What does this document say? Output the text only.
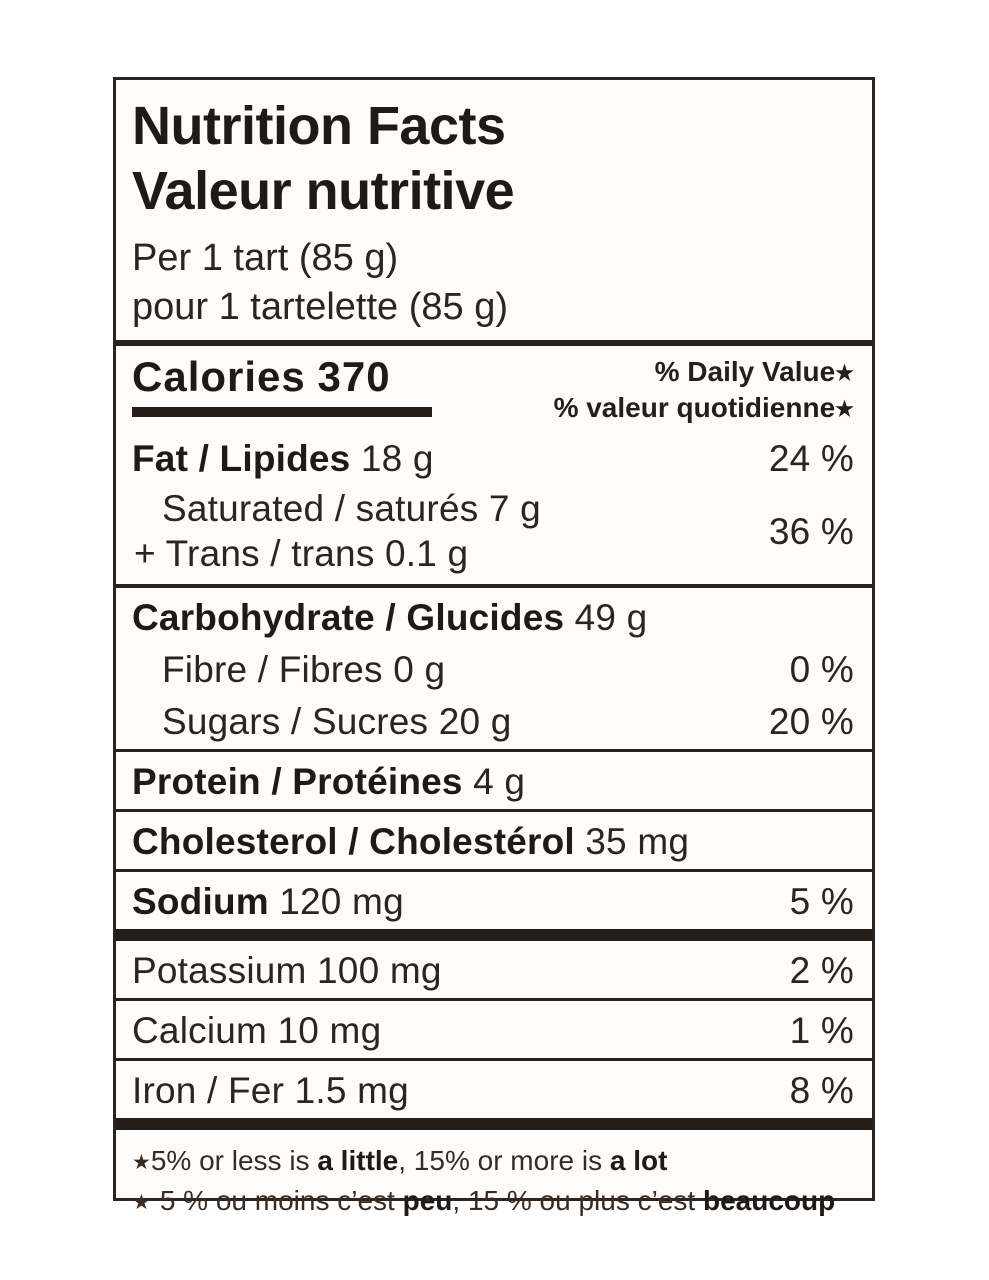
Nutrition Facts
Valeur nutritive
Per 1 tart (85 g)
pour 1 tartelette (85 g)
Calories 370	% Daily Value★
% valeur quotidienne★
Fat / Lipides 18 g	24 %
Saturated / saturés 7 g
+ Trans / trans 0.1 g
36 %
Carbohydrate / Glucides 49 g
Fibre / Fibres 0 g	0 %
Sugars / Sucres 20 g	20 %
Protein / Protéines 4 g
Cholesterol / Cholestérol 35 mg
Sodium 120 mg	5 %
Potassium 100 mg	2 %
Calcium 10 mg	1 %
Iron / Fer 1.5 mg	8 %
★5% or less is a little, 15% or more is a lot
★ 5 % ou moins c’est peu, 15 % ou plus c’est beaucoup
